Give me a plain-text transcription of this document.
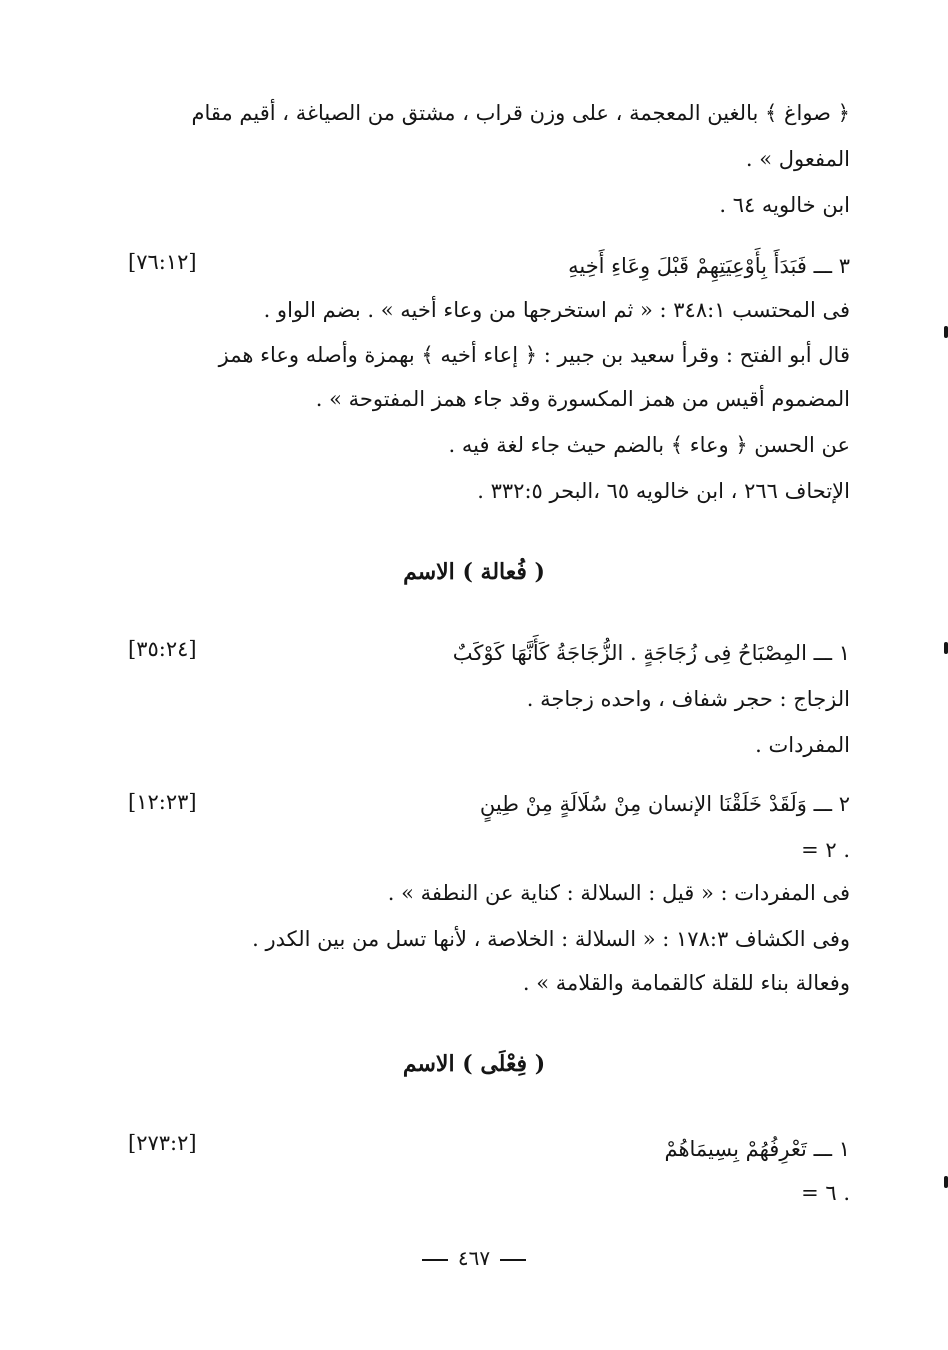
﴿ صواغ ﴾ بالغين المعجمة ، على وزن قراب ، مشتق من الصياغة ، أقيم مقام
المفعول » .
ابن خالويه ٦٤ .
٣ ـــ فَبَدَأَ بِأَوْعِيَتِهِمْ قَبْلَ وِعَاءِ أَخِيهِ
[٧٦:١٢]
فى المحتسب ٣٤٨:١ : « ثم استخرجها من وعاء أخيه » . بضم الواو .
قال أبو الفتح : وقرأ سعيد بن جبير : ﴿ إعاء أخيه ﴾ بهمزة وأصله وعاء همز
المضموم أقيس من همز المكسورة وقد جاء همز المفتوحة » .
عن الحسن ﴿ وعاء ﴾ بالضم حيث جاء لغة فيه .
الإتحاف ٢٦٦ ، ابن خالويه ٦٥ ،البحر ٣٣٢:٥ .
( فُعالة ) الاسم
١ ـــ المِصْبَاحُ فِى زُجَاجَةٍ . الزُّجَاجَةُ كَأَنَّهَا كَوْكَبٌ
[٣٥:٢٤]
الزجاج : حجر شفاف ، واحده زجاجة .
المفردات .
٢ ـــ وَلَقَدْ خَلَقْنَا الإنسان مِنْ سُلَالَةٍ مِنْ طِينٍ
[١٢:٢٣]
= ٢ .
فى المفردات : « قيل : السلالة : كناية عن النطفة » .
وفى الكشاف ١٧٨:٣ : « السلالة : الخلاصة ، لأنها تسل من بين الكدر .
وفعالة بناء للقلة كالقمامة والقلامة » .
( فِعْلَى ) الاسم
١ ـــ تَعْرِفُهُمْ بِسِيمَاهُمْ
[٢٧٣:٢]
= ٦ .
٤٦٧
